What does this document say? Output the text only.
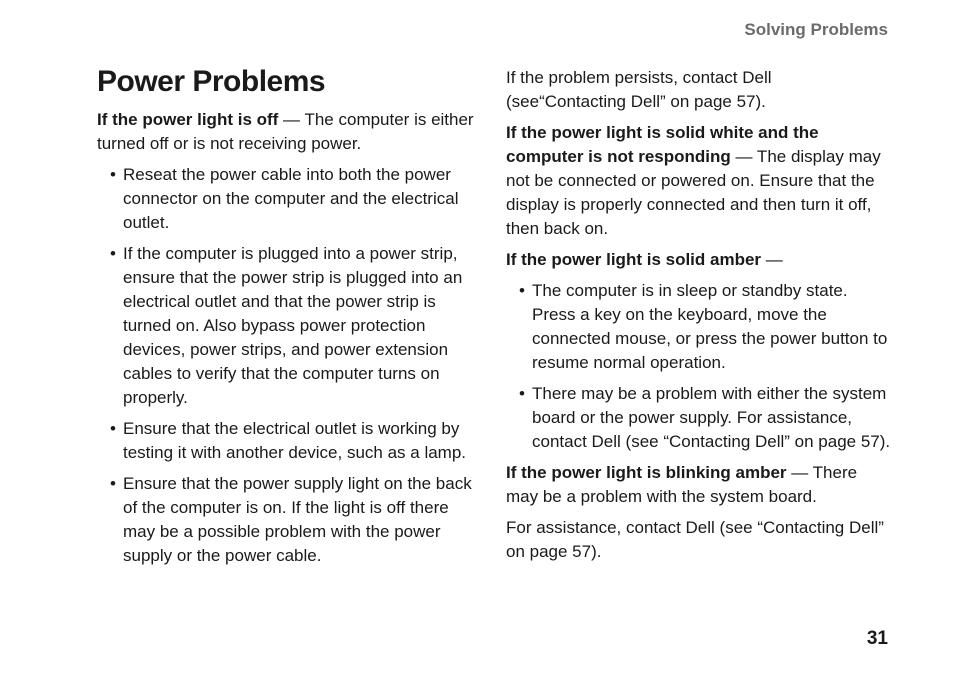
Solving Problems
Power Problems

If the power light is off — The computer is either turned off or is not receiving power.

• Reseat the power cable into both the power connector on the computer and the electrical outlet.
• If the computer is plugged into a power strip, ensure that the power strip is plugged into an electrical outlet and that the power strip is turned on. Also bypass power protection devices, power strips, and power extension cables to verify that the computer turns on properly.
• Ensure that the electrical outlet is working by testing it with another device, such as a lamp.
• Ensure that the power supply light on the back of the computer is on. If the light is off there may be a possible problem with the power supply or the power cable.

If the problem persists, contact Dell (see“Contacting Dell” on page 57).

If the power light is solid white and the computer is not responding — The display may not be connected or powered on. Ensure that the display is properly connected and then turn it off, then back on.

If the power light is solid amber —

• The computer is in sleep or standby state. Press a key on the keyboard, move the connected mouse, or press the power button to resume normal operation.
• There may be a problem with either the system board or the power supply. For assistance, contact Dell (see “Contacting Dell” on page 57).

If the power light is blinking amber — There may be a problem with the system board.

For assistance, contact Dell (see “Contacting Dell” on page 57).

31
